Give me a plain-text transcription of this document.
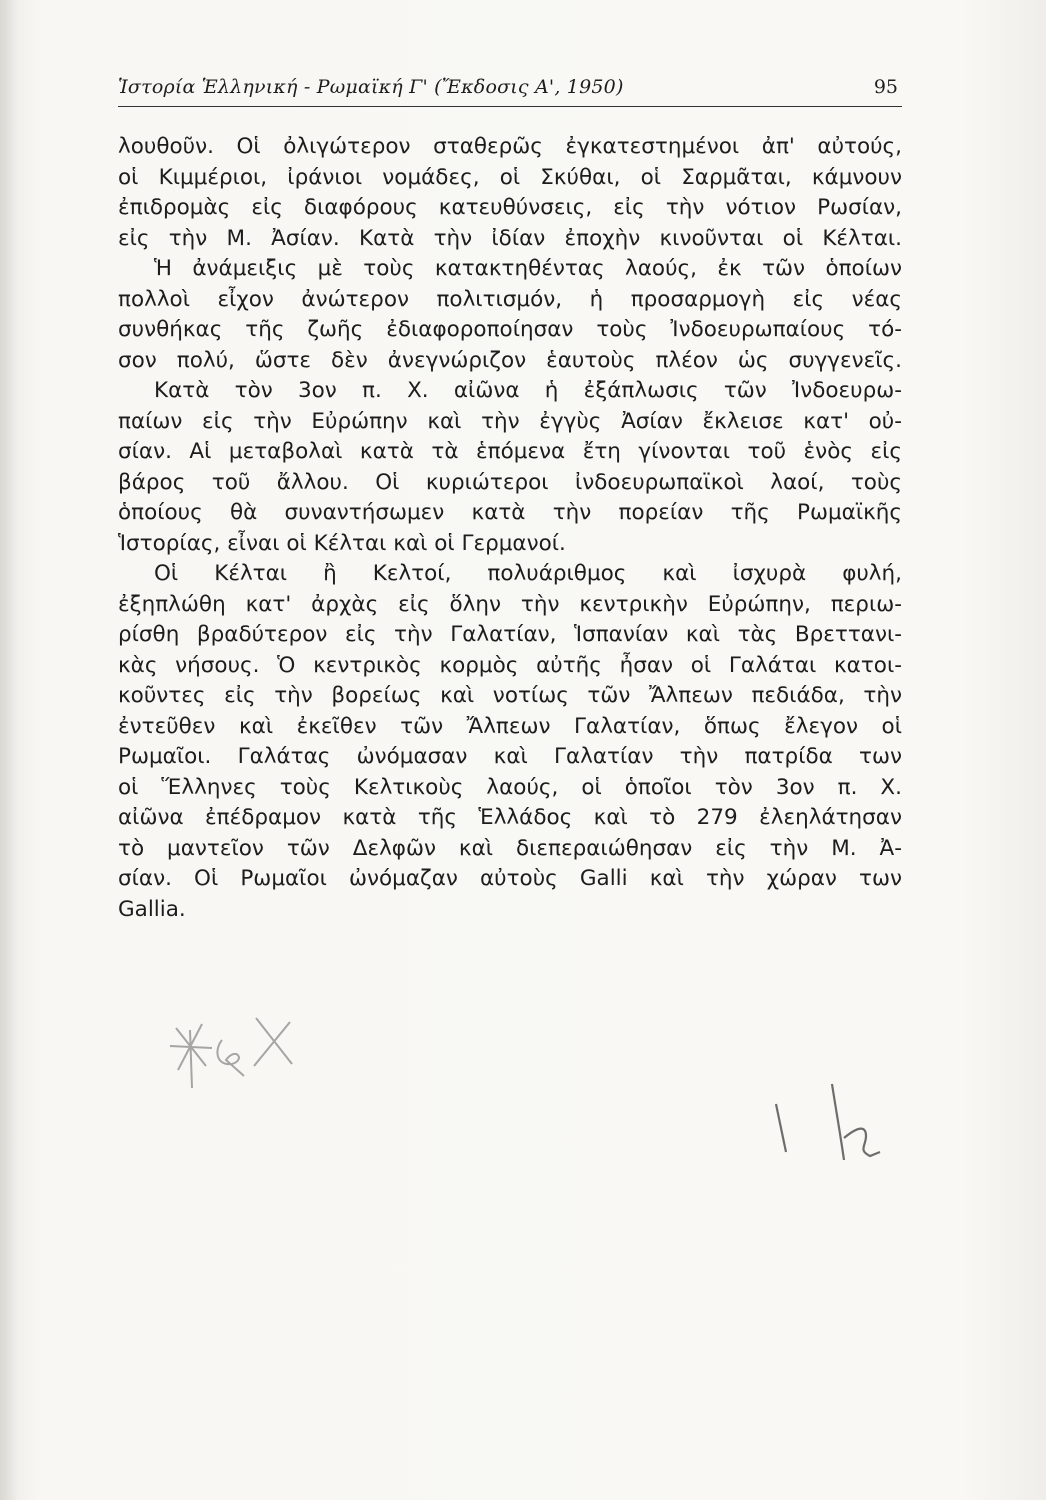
Ἱστορία Ἑλληνική - Ρωμαϊκή Γ' (Ἔκδοσις Α', 1950)	95
λουθοῦν. Οἱ ὀλιγώτερον σταθερῶς ἐγκατεστημένοι ἀπ' αὐτούς,
οἱ Κιμμέριοι, ἰράνιοι νομάδες, οἱ Σκύθαι, οἱ Σαρμᾶται, κάμνουν
ἐπιδρομὰς εἰς διαφόρους κατευθύνσεις, εἰς τὴν νότιον Ρωσίαν,
εἰς τὴν Μ. Ἀσίαν. Κατὰ τὴν ἰδίαν ἐποχὴν κινοῦνται οἱ Κέλται.
Ἡ ἀνάμειξις μὲ τοὺς κατακτηθέντας λαούς, ἐκ τῶν ὁποίων
πολλοὶ εἶχον ἀνώτερον πολιτισμόν, ἡ προσαρμογὴ εἰς νέας
συνθήκας τῆς ζωῆς ἐδιαφοροποίησαν τοὺς Ἰνδοευρωπαίους τό-
σον πολύ, ὥστε δὲν ἀνεγνώριζον ἑαυτοὺς πλέον ὡς συγγενεῖς.
Κατὰ τὸν 3ον π. Χ. αἰῶνα ἡ ἐξάπλωσις τῶν Ἰνδοευρω-
παίων εἰς τὴν Εὐρώπην καὶ τὴν ἐγγὺς Ἀσίαν ἔκλεισε κατ' οὐ-
σίαν. Αἱ μεταβολαὶ κατὰ τὰ ἑπόμενα ἔτη γίνονται τοῦ ἑνὸς εἰς
βάρος τοῦ ἄλλου. Οἱ κυριώτεροι ἰνδοευρωπαϊκοὶ λαοί, τοὺς
ὁποίους θὰ συναντήσωμεν κατὰ τὴν πορείαν τῆς Ρωμαϊκῆς
Ἱστορίας, εἶναι οἱ Κέλται καὶ οἱ Γερμανοί.
Οἱ Κέλται ἢ Κελτοί, πολυάριθμος καὶ ἰσχυρὰ φυλή,
ἐξηπλώθη κατ' ἀρχὰς εἰς ὅλην τὴν κεντρικὴν Εὐρώπην, περιω-
ρίσθη βραδύτερον εἰς τὴν Γαλατίαν, Ἱσπανίαν καὶ τὰς Βρεττανι-
κὰς νήσους. Ὁ κεντρικὸς κορμὸς αὐτῆς ἦσαν οἱ Γαλάται κατοι-
κοῦντες εἰς τὴν βορείως καὶ νοτίως τῶν Ἄλπεων πεδιάδα, τὴν
ἐντεῦθεν καὶ ἐκεῖθεν τῶν Ἄλπεων Γαλατίαν, ὅπως ἔλεγον οἱ
Ρωμαῖοι. Γαλάτας ὠνόμασαν καὶ Γαλατίαν τὴν πατρίδα των
οἱ Ἕλληνες τοὺς Κελτικοὺς λαούς, οἱ ὁποῖοι τὸν 3ον π. Χ.
αἰῶνα ἐπέδραμον κατὰ τῆς Ἑλλάδος καὶ τὸ 279 ἐλεηλάτησαν
τὸ μαντεῖον τῶν Δελφῶν καὶ διεπεραιώθησαν εἰς τὴν Μ. Ἀ-
σίαν. Οἱ Ρωμαῖοι ὠνόμαζαν αὐτοὺς Galli καὶ τὴν χώραν των
Gallia.
